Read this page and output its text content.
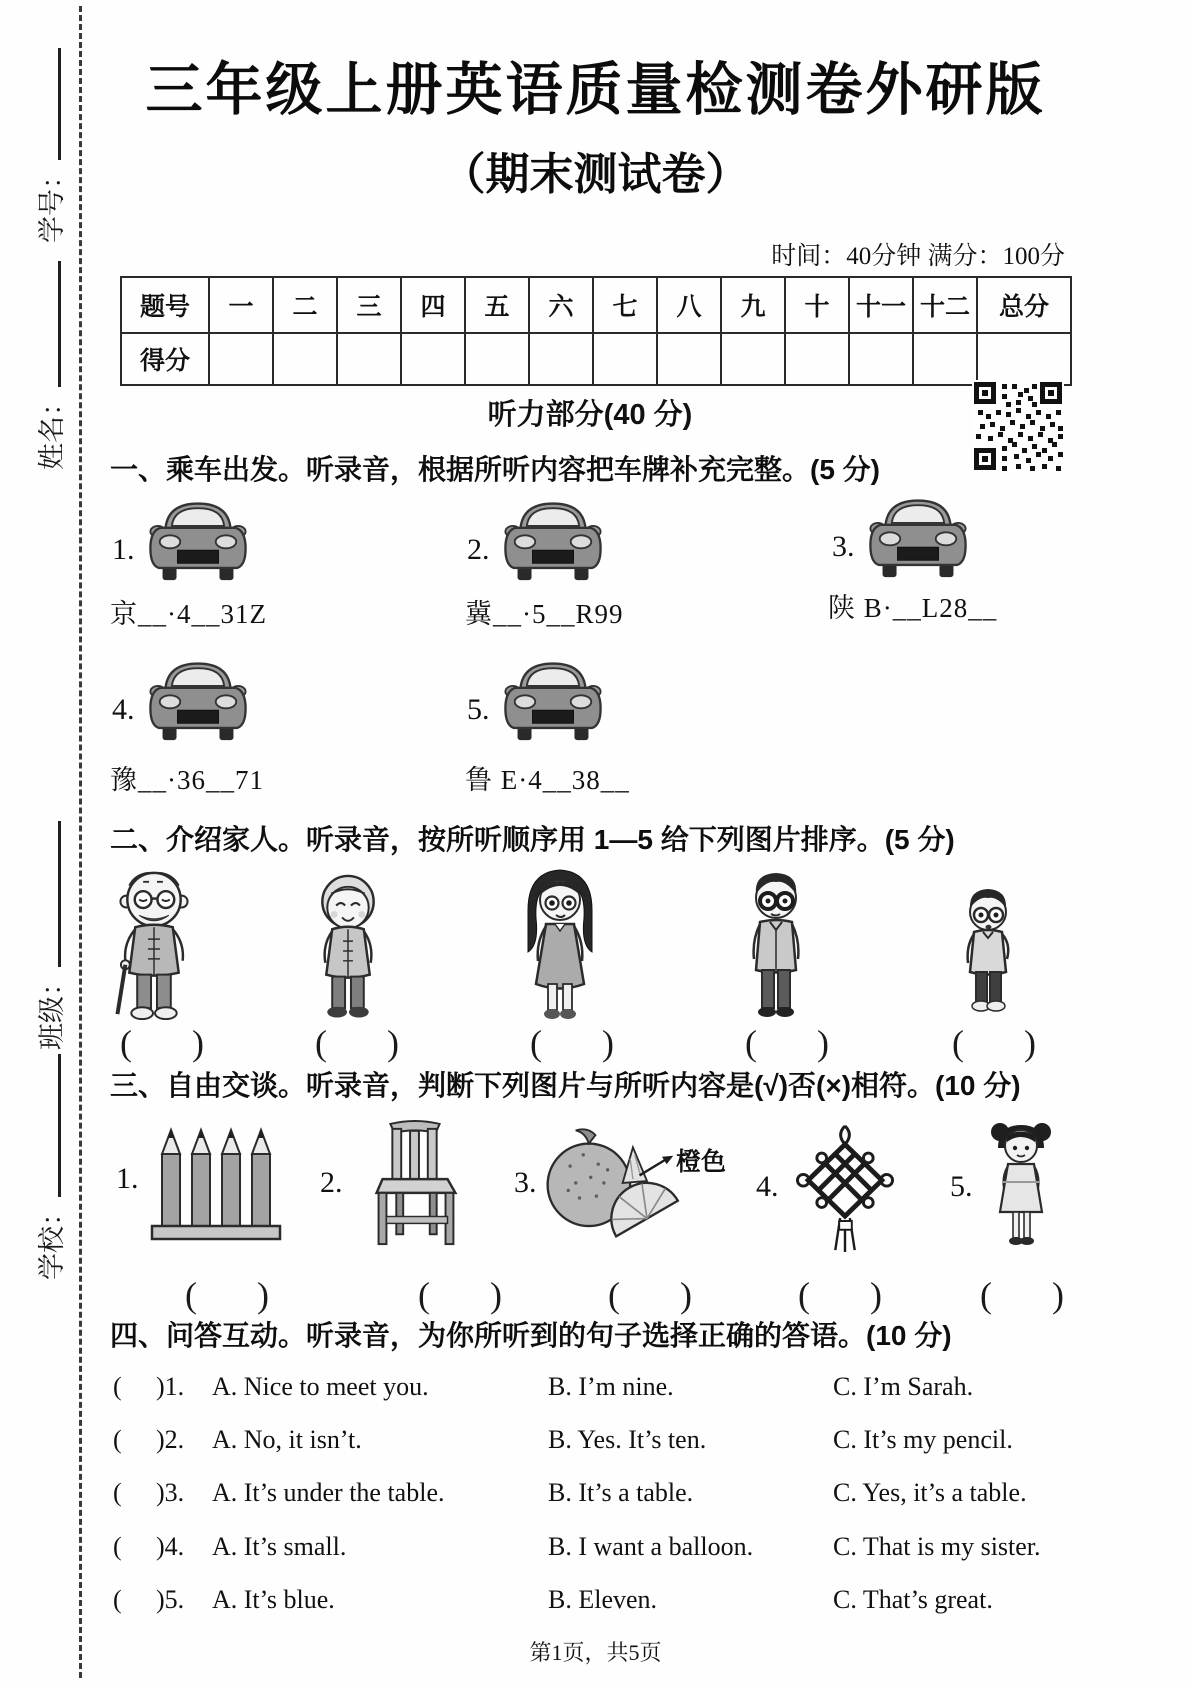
学号：
姓名：
班级：
学校：
三年级上册英语质量检测卷外研版
（期末测试卷）
时间：40分钟 满分：100分
题号	一	二	三	四	五	六	七	八	九	十	十一	十二	总分
得分													
听力部分(40 分)
一、乘车出发。听录音，根据所听内容把车牌补充完整。(5 分)
1.	2.	3.
京__·4__31Z	冀__·5__R99	陕 B·__L28__
4.	5.
豫__·36__71	鲁 E·4__38__
二、介绍家人。听录音，按所听顺序用 1—5 给下列图片排序。(5 分)
( )	( )	( )	( )	( )
三、自由交谈。听录音，判断下列图片与所听内容是(√)否(×)相符。(10 分)
1.	2.	3.
橙色
4.	5.
( )	( )	( )	( )	( )
四、问答互动。听录音，为你所听到的句子选择正确的答语。(10 分)
( )1. A. Nice to meet you.	B. I’m nine.	C. I’m Sarah.
( )2. A. No, it isn’t.	B. Yes. It’s ten.	C. It’s my pencil.
( )3. A. It’s under the table.	B. It’s a table.	C. Yes, it’s a table.
( )4. A. It’s small.	B. I want a balloon.	C. That is my sister.
( )5. A. It’s blue.	B. Eleven.	C. That’s great.
第1页，共5页
